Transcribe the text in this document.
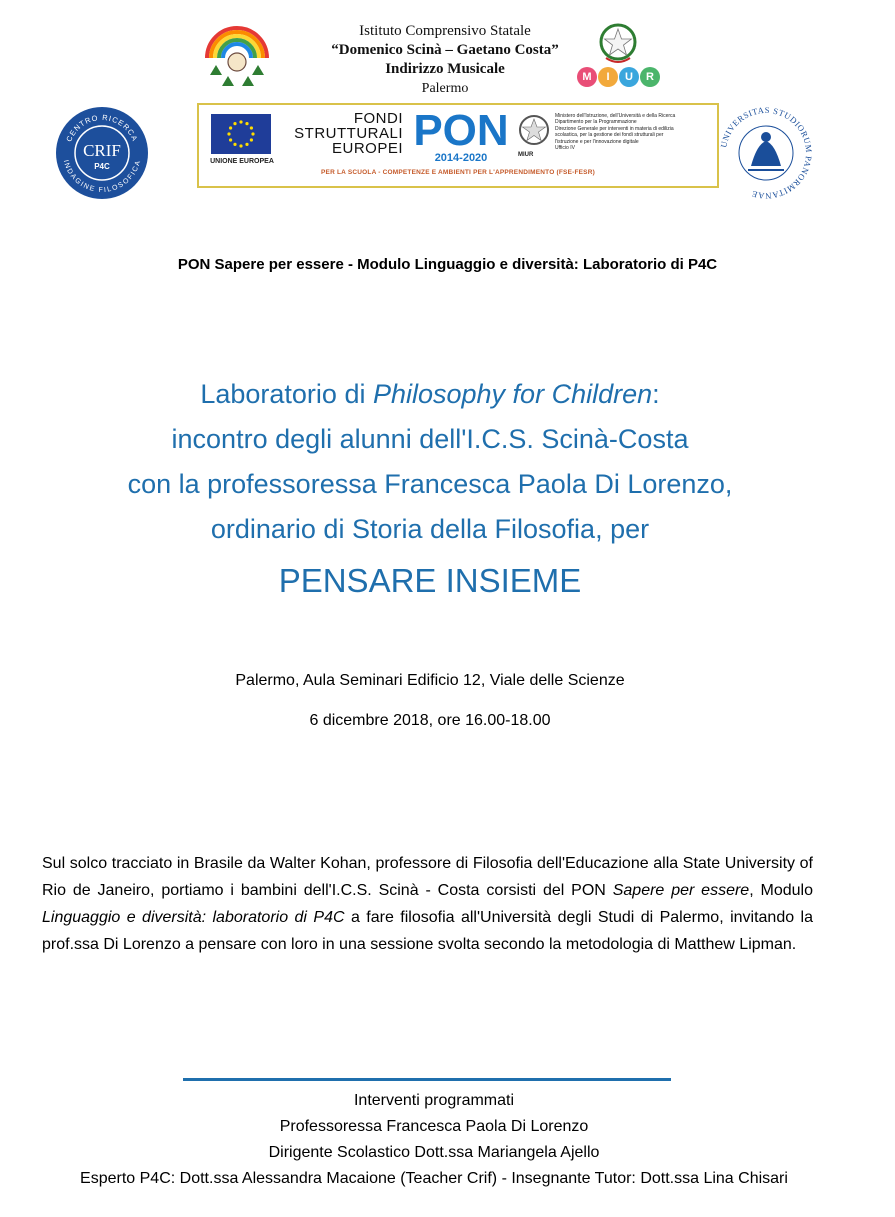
Istituto Comprensivo Statale
“Domenico Scinà – Gaetano Costa”
Indirizzo Musicale
Palermo
M	I	U	R
CENTRO RICERCA
INDAGINE FILOSOFICA
CRIF
P4C
UNIONE EUROPEA
FONDI
STRUTTURALI
EUROPEI PON
2014-2020	MIUR
Ministero dell'Istruzione, dell'Università e della Ricerca
Dipartimento per la Programmazione
Direzione Generale per interventi in materia di edilizia
scolastica, per la gestione dei fondi strutturali per
l'istruzione e per l'innovazione digitale
Ufficio IV
PER LA SCUOLA - COMPETENZE E AMBIENTI PER L'APPRENDIMENTO (FSE-FESR)
UNIVERSITAS STUDIORUM PANORMITANAE
PON Sapere per essere - Modulo Linguaggio e diversità: Laboratorio di P4C
Laboratorio di Philosophy for Children:
incontro degli alunni dell'I.C.S. Scinà-Costa
con la professoressa Francesca Paola Di Lorenzo,
ordinario di Storia della Filosofia, per
PENSARE INSIEME
Palermo, Aula Seminari Edificio 12, Viale delle Scienze
6 dicembre 2018, ore 16.00-18.00
Sul solco tracciato in Brasile da Walter Kohan, professore di Filosofia dell'Educazione alla State University of Rio de Janeiro, portiamo i bambini dell'I.C.S. Scinà - Costa corsisti del PON Sapere per essere, Modulo Linguaggio e diversità: laboratorio di P4C a fare filosofia all'Università degli Studi di Palermo, invitando la prof.ssa Di Lorenzo a pensare con loro in una sessione svolta secondo la metodologia di Matthew Lipman.
Interventi programmati
Professoressa Francesca Paola Di Lorenzo
Dirigente Scolastico Dott.ssa Mariangela Ajello
Esperto P4C: Dott.ssa Alessandra Macaione (Teacher Crif) - Insegnante Tutor: Dott.ssa Lina Chisari
